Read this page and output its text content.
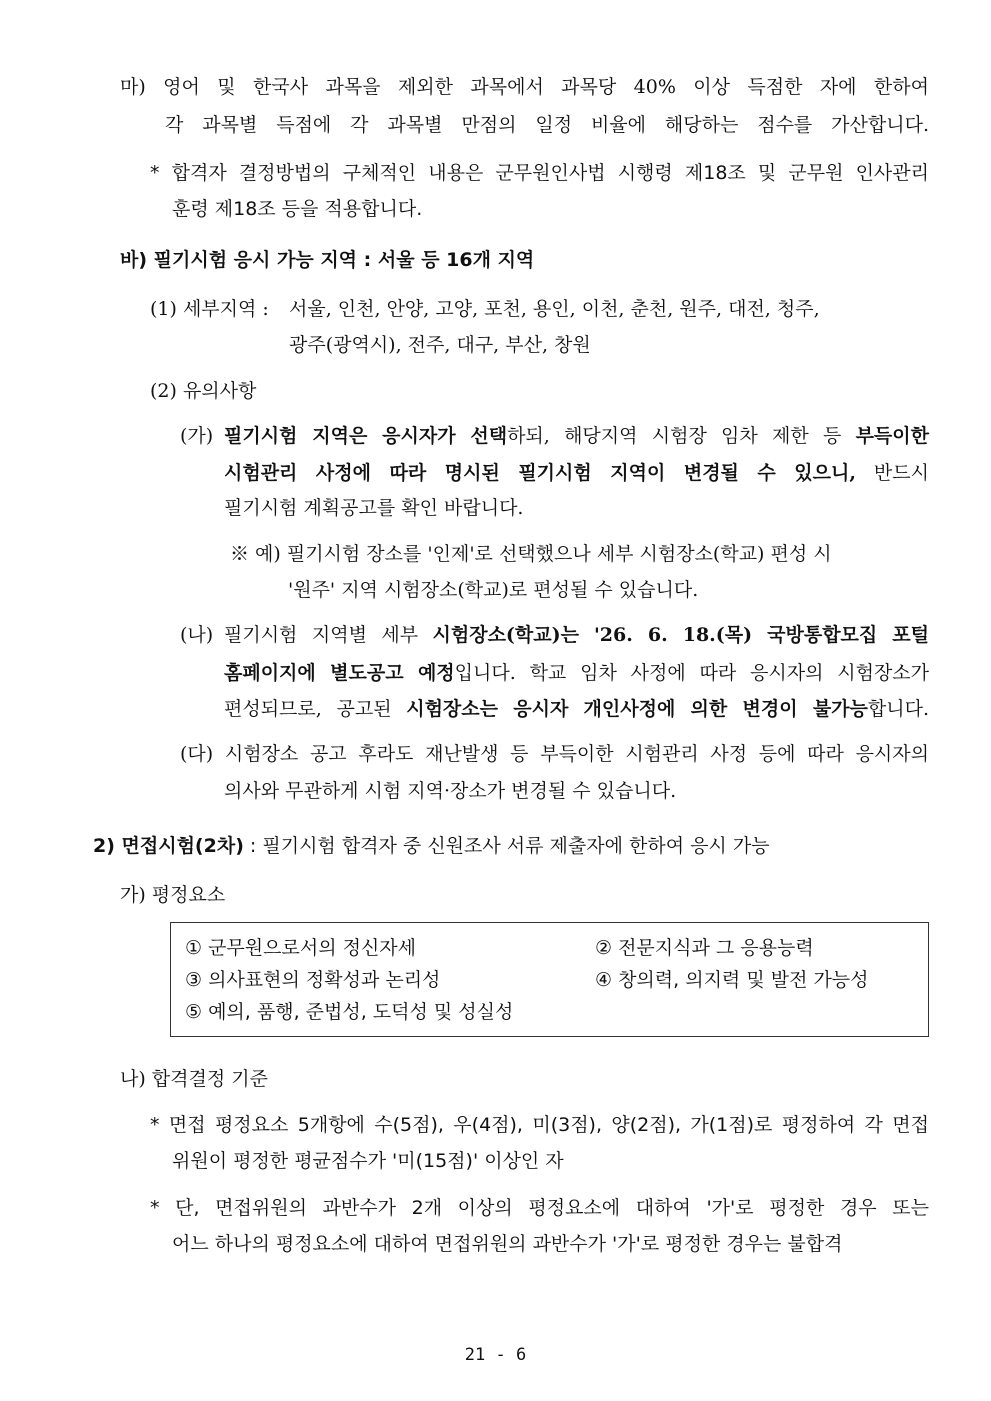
마) 영어 및 한국사 과목을 제외한 과목에서 과목당 40% 이상 득점한 자에 한하여
각 과목별 득점에 각 과목별 만점의 일정 비율에 해당하는 점수를 가산합니다.
* 합격자 결정방법의 구체적인 내용은 군무원인사법 시행령 제18조 및 군무원 인사관리
훈령 제18조 등을 적용합니다.
바) 필기시험 응시 가능 지역 : 서울 등 16개 지역
(1) 세부지역 : 서울, 인천, 안양, 고양, 포천, 용인, 이천, 춘천, 원주, 대전, 청주,
광주(광역시), 전주, 대구, 부산, 창원
(2) 유의사항
(가) 필기시험 지역은 응시자가 선택하되, 해당지역 시험장 임차 제한 등 부득이한
시험관리 사정에 따라 명시된 필기시험 지역이 변경될 수 있으니, 반드시
필기시험 계획공고를 확인 바랍니다.
※ 예) 필기시험 장소를 '인제'로 선택했으나 세부 시험장소(학교) 편성 시
'원주' 지역 시험장소(학교)로 편성될 수 있습니다.
(나) 필기시험 지역별 세부 시험장소(학교)는 '26. 6. 18.(목) 국방통합모집 포털
홈페이지에 별도공고 예정입니다. 학교 임차 사정에 따라 응시자의 시험장소가
편성되므로, 공고된 시험장소는 응시자 개인사정에 의한 변경이 불가능합니다.
(다) 시험장소 공고 후라도 재난발생 등 부득이한 시험관리 사정 등에 따라 응시자의
의사와 무관하게 시험 지역·장소가 변경될 수 있습니다.
2) 면접시험(2차) : 필기시험 합격자 중 신원조사 서류 제출자에 한하여 응시 가능
가) 평정요소
① 군무원으로서의 정신자세	② 전문지식과 그 응용능력
③ 의사표현의 정확성과 논리성	④ 창의력, 의지력 및 발전 가능성
⑤ 예의, 품행, 준법성, 도덕성 및 성실성
나) 합격결정 기준
* 면접 평정요소 5개항에 수(5점), 우(4점), 미(3점), 양(2점), 가(1점)로 평정하여 각 면접
위원이 평정한 평균점수가 '미(15점)' 이상인 자
* 단, 면접위원의 과반수가 2개 이상의 평정요소에 대하여 '가'로 평정한 경우 또는
어느 하나의 평정요소에 대하여 면접위원의 과반수가 '가'로 평정한 경우는 불합격
21 - 6
